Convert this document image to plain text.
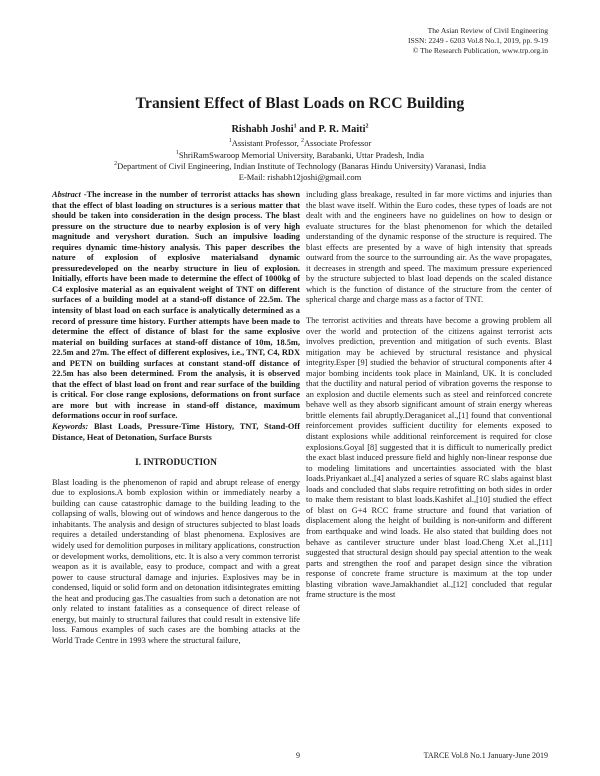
The Asian Review of Civil Engineering
ISSN: 2249 - 6203 Vol.8 No.1, 2019, pp. 9-19
© The Research Publication, www.trp.org.in
Transient Effect of Blast Loads on RCC Building
Rishabh Joshi$^1$ and P. R. Maiti$^2$
$^1$Assistant Professor, $^2$Associate Professor
$^1$ShriRamSwaroop Memorial University, Barabanki, Uttar Pradesh, India
$^2$Department of Civil Engineering, Indian Institute of Technology (Banaras Hindu University) Varanasi, India
E-Mail: rishabh12joshi@gmail.com

Abstract -The increase in the number of terrorist attacks has shown that the effect of blast loading on structures is a serious matter that should be taken into consideration in the design process. The blast pressure on the structure due to nearby explosion is of very high magnitude and veryshort duration. Such an impulsive loading requires dynamic time-history analysis. This paper describes the nature of explosion of explosive materialsand dynamic pressuredeveloped on the nearby structure in lieu of explosion. Initially, efforts have been made to determine the effect of 1000kg of C4 explosive material as an equivalent weight of TNT on different surfaces of a building model at a stand-off distance of 22.5m. The intensity of blast load on each surface is analytically determined as a record of pressure time history. Further attempts have been made to determine the effect of distance of blast for the same explosive material on building surfaces at stand-off distance of 10m, 18.5m, 22.5m and 27m. The effect of different explosives, i.e., TNT, C4, RDX and PETN on building surfaces at constant stand-off distance of 22.5m has also been determined. From the analysis, it is observed that the effect of blast load on front and rear surface of the building is critical. For close range explosions, deformations on front surface are more but with increase in stand-off distance, maximum deformations occur in roof surface.

Keywords: Blast Loads, Pressure-Time History, TNT, Stand-Off Distance, Heat of Detonation, Surface Bursts

I. INTRODUCTION

Blast loading is the phenomenon of rapid and abrupt release of energy due to explosions.A bomb explosion within or immediately nearby a building can cause catastrophic damage to the building leading to the collapsing of walls, blowing out of windows and hence dangerous to the inhabitants. The analysis and design of structures subjected to blast loads requires a detailed understanding of blast phenomena. Explosives are widely used for demolition purposes in military applications, construction or development works, demolitions, etc. It is also a very common terrorist weapon as it is available, easy to produce, compact and with a great power to cause structural damage and injuries. Explosives may be in condensed, liquid or solid form and on detonation itdisintegrates emitting the heat and producing gas.The casualties from such a detonation are not only related to instant fatalities as a consequence of direct release of energy, but mainly to structural failures that could result in extensive life loss. Famous examples of such cases are the bombing attacks at the World Trade Centre in 1993 where the structural failure,

including glass breakage, resulted in far more victims and injuries than the blast wave itself. Within the Euro codes, these types of loads are not dealt with and the engineers have no guidelines on how to design or evaluate structures for the blast phenomenon for which the detailed understanding of the dynamic response of the structure is required. The blast effects are presented by a wave of high intensity that spreads outward from the source to the surrounding air. As the wave propagates, it decreases in strength and speed. The maximum pressure experienced by the structure subjected to blast load depends on the scaled distance which is the function of distance of the structure from the center of spherical charge and charge mass as a factor of TNT.

The terrorist activities and threats have become a growing problem all over the world and protection of the citizens against terrorist acts involves prediction, prevention and mitigation of such events. Blast mitigation may be achieved by structural resistance and physical integrity.Esper [9] studied the behavior of structural components after 4 major bombing incidents took place in Mainland, UK. It is concluded that the ductility and natural period of vibration governs the response to an explosion and ductile elements such as steel and reinforced concrete behave well as they absorb significant amount of strain energy whereas brittle elements fail abruptly.Deraganicet al.,[1] found that conventional reinforcement provides sufficient ductility for elements exposed to distant explosions while additional reinforcement is required for close explosions.Goyal [8] suggested that it is difficult to numerically predict the exact blast induced pressure field and highly non-linear response due to modeling limitations and uncertainties associated with the blast loads.Priyankaet al.,[4] analyzed a series of square RC slabs against blast loads and concluded that slabs require retrofitting on both sides in order to make them resistant to blast loads.Kashifet al.,[10] studied the effect of blast on G+4 RCC frame structure and found that variation of displacement along the height of building is non-uniform and different from earthquake and wind loads. He also stated that building does not behave as cantilever structure under blast load.Cheng X.et al.,[11] suggested that structural design should pay special attention to the weak parts and strengthen the roof and parapet design since the vibration response of concrete frame structure is maximum at the top under blasting vibration wave.Jamakhandiet al.,[12] concluded that regular frame structure is the most

9	TARCE Vol.8 No.1 January-June 2019
